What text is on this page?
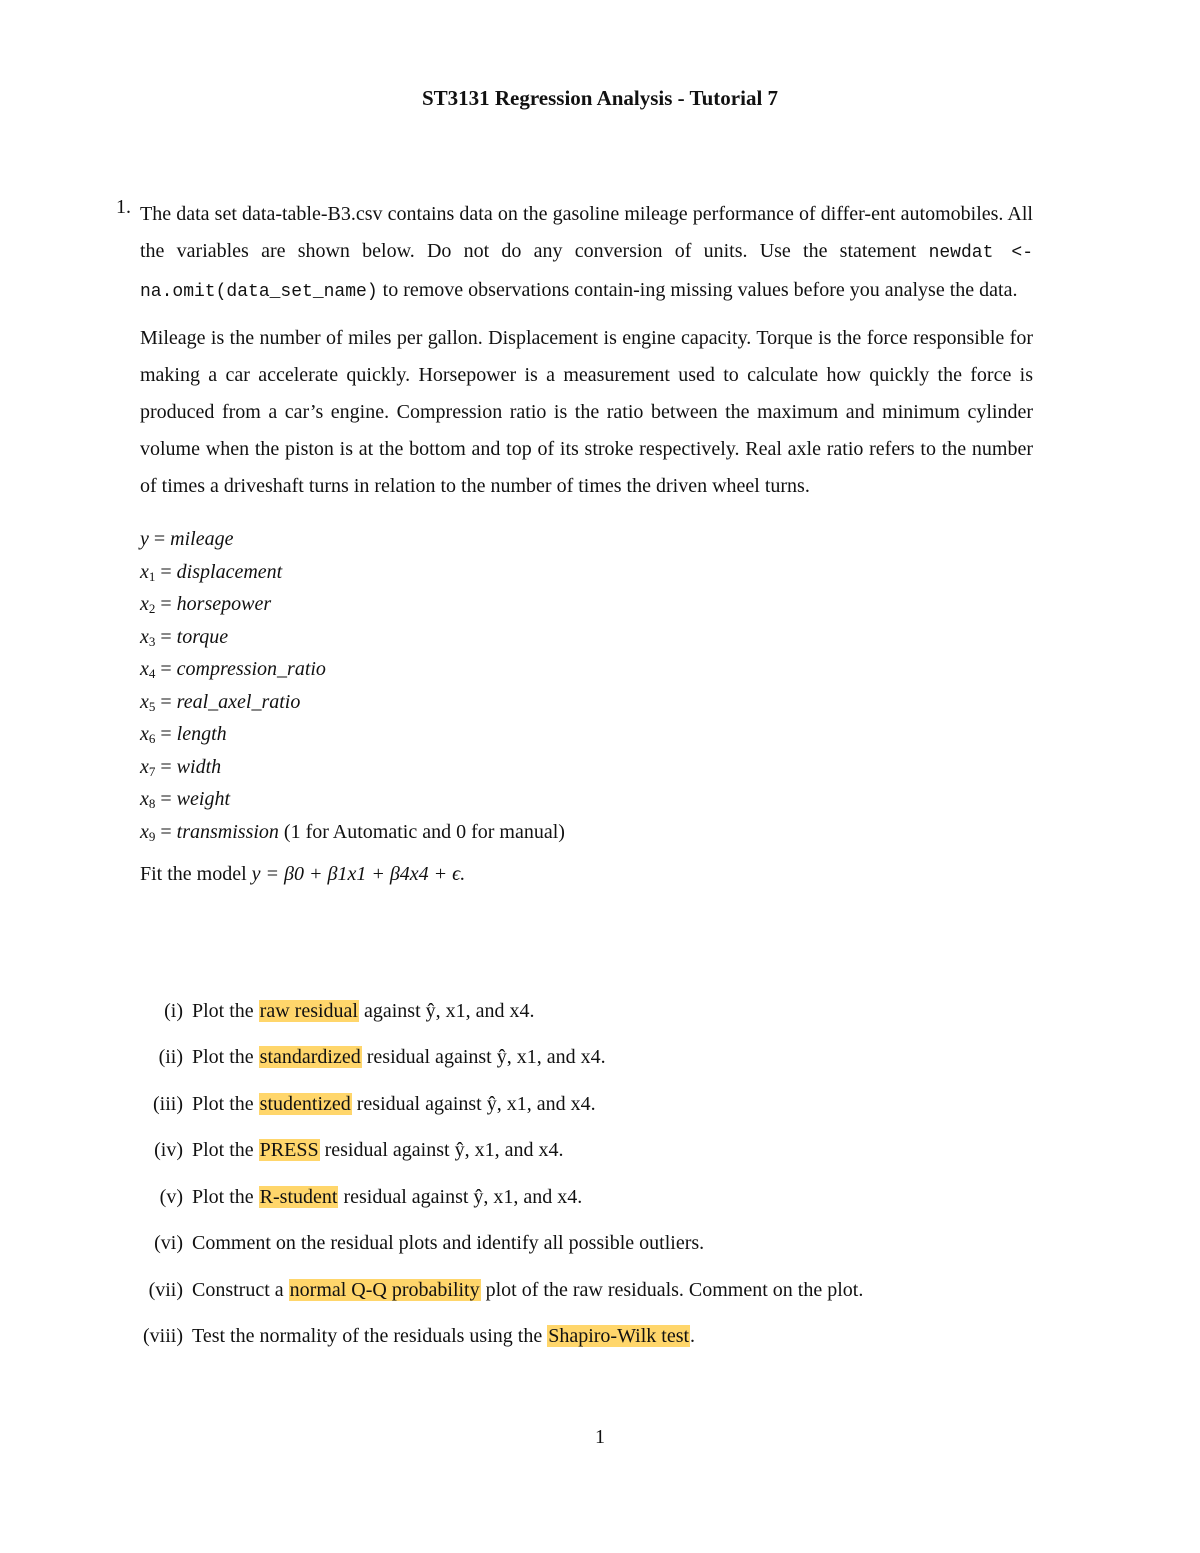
ST3131 Regression Analysis - Tutorial 7
1. The data set data-table-B3.csv contains data on the gasoline mileage performance of differ-ent automobiles. All the variables are shown below. Do not do any conversion of units. Use the statement newdat <- na.omit(data_set_name) to remove observations contain-ing missing values before you analyse the data.

Mileage is the number of miles per gallon. Displacement is engine capacity. Torque is the force responsible for making a car accelerate quickly. Horsepower is a measurement used to calculate how quickly the force is produced from a car’s engine. Compression ratio is the ratio between the maximum and minimum cylinder volume when the piston is at the bottom and top of its stroke respectively. Real axle ratio refers to the number of times a driveshaft turns in relation to the number of times the driven wheel turns.

y = mileage
$x_1$ = displacement
$x_2$ = horsepower
$x_3$ = torque
$x_4$ = compression_ratio
$x_5$ = real_axel_ratio
$x_6$ = length
$x_7$ = width
$x_8$ = weight
$x_9$ = transmission (1 for Automatic and 0 for manual)
Fit the model y = β0 + β1x1 + β4x4 + ϵ.
(i) Plot the raw residual against ŷ, x1, and x4.
(ii) Plot the standardized residual against ŷ, x1, and x4.
(iii) Plot the studentized residual against ŷ, x1, and x4.
(iv) Plot the PRESS residual against ŷ, x1, and x4.
(v) Plot the R-student residual against ŷ, x1, and x4.
(vi) Comment on the residual plots and identify all possible outliers.
(vii) Construct a normal Q-Q probability plot of the raw residuals. Comment on the plot.
(viii) Test the normality of the residuals using the Shapiro-Wilk test.
1
